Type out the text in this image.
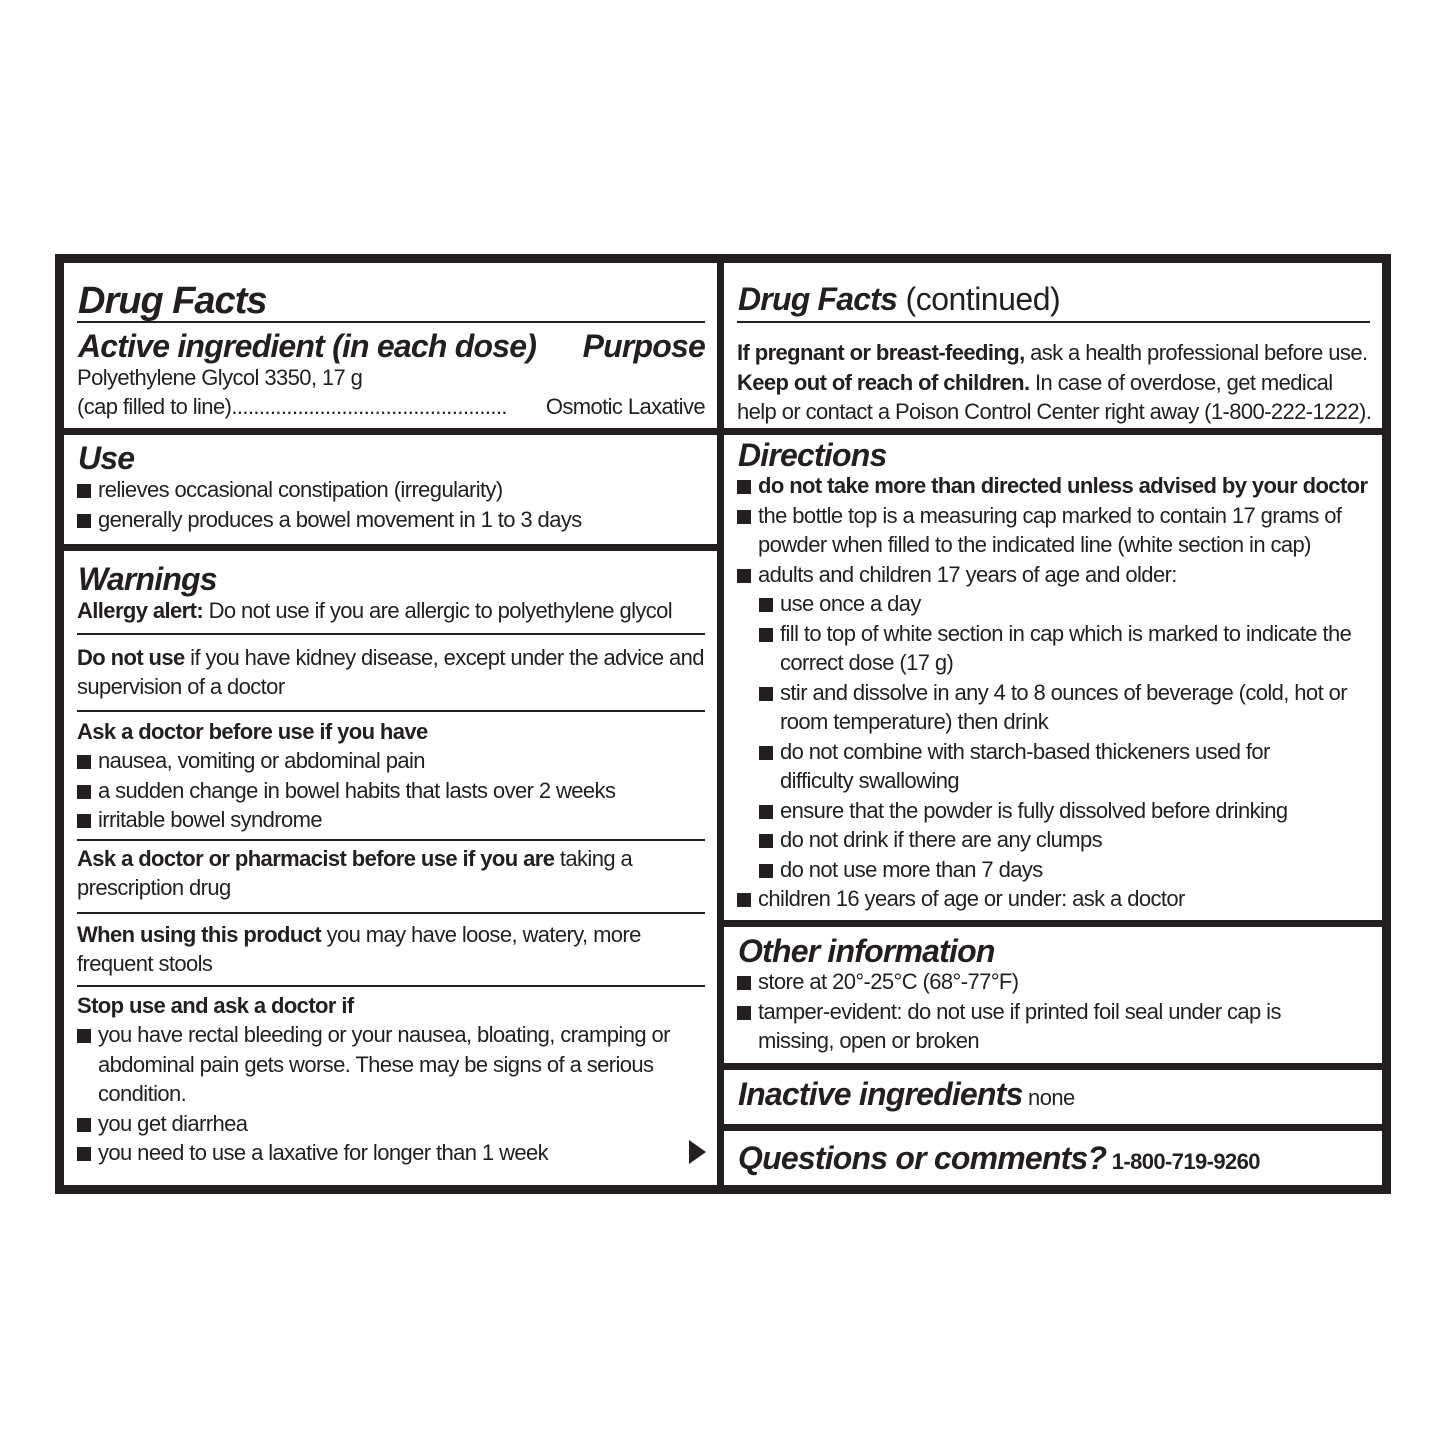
Drug Facts
Active ingredient (in each dose) Purpose
Polyethylene Glycol 3350, 17 g
(cap filled to line)..................................................	Osmotic Laxative
Use
relieves occasional constipation (irregularity)
generally produces a bowel movement in 1 to 3 days
Warnings
Allergy alert: Do not use if you are allergic to polyethylene glycol
Do not use if you have kidney disease, except under the advice and supervision of a doctor
Ask a doctor before use if you have
nausea, vomiting or abdominal pain
a sudden change in bowel habits that lasts over 2 weeks
irritable bowel syndrome
Ask a doctor or pharmacist before use if you are taking a prescription drug
When using this product you may have loose, watery, more frequent stools
Stop use and ask a doctor if
you have rectal bleeding or your nausea, bloating, cramping or abdominal pain gets worse. These may be signs of a serious condition.
you get diarrhea
you need to use a laxative for longer than 1 week
Drug Facts (continued)
If pregnant or breast-feeding, ask a health professional before use.
Keep out of reach of children. In case of overdose, get medical help or contact a Poison Control Center right away (1-800-222-1222).
Directions
do not take more than directed unless advised by your doctor
the bottle top is a measuring cap marked to contain 17 grams of powder when filled to the indicated line (white section in cap)
adults and children 17 years of age and older:
use once a day
fill to top of white section in cap which is marked to indicate the correct dose (17 g)
stir and dissolve in any 4 to 8 ounces of beverage (cold, hot or room temperature) then drink
do not combine with starch-based thickeners used for difficulty swallowing
ensure that the powder is fully dissolved before drinking
do not drink if there are any clumps
do not use more than 7 days
children 16 years of age or under: ask a doctor
Other information
store at 20°-25°C (68°-77°F)
tamper-evident: do not use if printed foil seal under cap is missing, open or broken
Inactive ingredients none
Questions or comments? 1-800-719-9260
